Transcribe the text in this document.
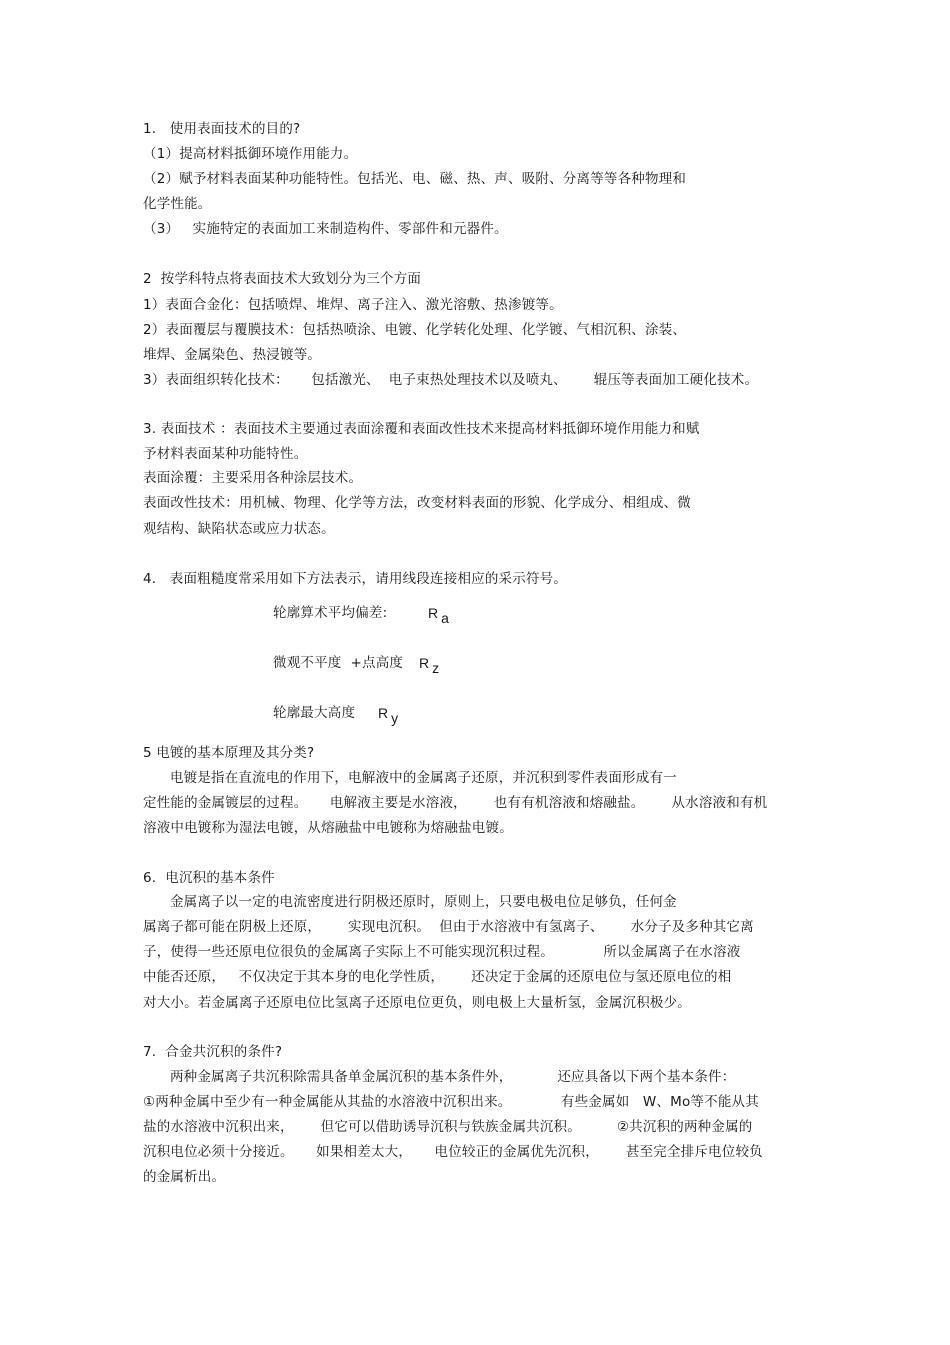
1.   使用表面技术的目的?
（1）提高材料抵御环境作用能力。
（2）赋予材料表面某种功能特性。包括光、电、磁、热、声、吸附、分离等等各种物理和
化学性能。
（3）   实施特定的表面加工来制造构件、零部件和元器件。
2  按学科特点将表面技术大致划分为三个方面
1）表面合金化：包括喷焊、堆焊、离子注入、激光溶敷、热渗镀等。
2）表面覆层与覆膜技术：包括热喷涂、电镀、化学转化处理、化学镀、气相沉积、涂装、
堆焊、金属染色、热浸镀等。
3）表面组织转化技术：     包括激光、  电子束热处理技术以及喷丸、      辊压等表面加工硬化技术。
3. 表面技术 ：表面技术主要通过表面涂覆和表面改性技术来提高材料抵御环境作用能力和赋
予材料表面某种功能特性。
表面涂覆：主要采用各种涂层技术。
表面改性技术：用机械、物理、化学等方法，改变材料表面的形貌、化学成分、相组成、微
观结构、缺陷状态或应力状态。
4.   表面粗糙度常采用如下方法表示，请用线段连接相应的采示符号。
轮廓算术平均偏差:	R a
微观不平度  +点高度 R z
轮廓最大高度 R y
5 电镀的基本原理及其分类?
电镀是指在直流电的作用下，电解液中的金属离子还原，并沉积到零件表面形成有一
定性能的金属镀层的过程。     电解液主要是水溶液，      也有有机溶液和熔融盐。      从水溶液和有机
溶液中电镀称为湿法电镀，从熔融盐中电镀称为熔融盐电镀。
6.  电沉积的基本条件
金属离子以一定的电流密度进行阴极还原时，原则上，只要电极电位足够负，任何金
属离子都可能在阴极上还原，      实现电沉积。  但由于水溶液中有氢离子、      水分子及多种其它离
子，使得一些还原电位很负的金属离子实际上不可能实现沉积过程。           所以金属离子在水溶液
中能否还原，   不仅决定于其本身的电化学性质，      还决定于金属的还原电位与氢还原电位的相
对大小。若金属离子还原电位比氢离子还原电位更负，则电极上大量析氢，金属沉积极少。
7.  合金共沉积的条件?
两种金属离子共沉积除需具备单金属沉积的基本条件外，          还应具备以下两个基本条件：
①两种金属中至少有一种金属能从其盐的水溶液中沉积出来。           有些金属如   W、Mo等不能从其
盐的水溶液中沉积出来，      但它可以借助诱导沉积与铁族金属共沉积。        ②共沉积的两种金属的
沉积电位必须十分接近。     如果相差太大，     电位较正的金属优先沉积，      甚至完全排斥电位较负
的金属析出。
